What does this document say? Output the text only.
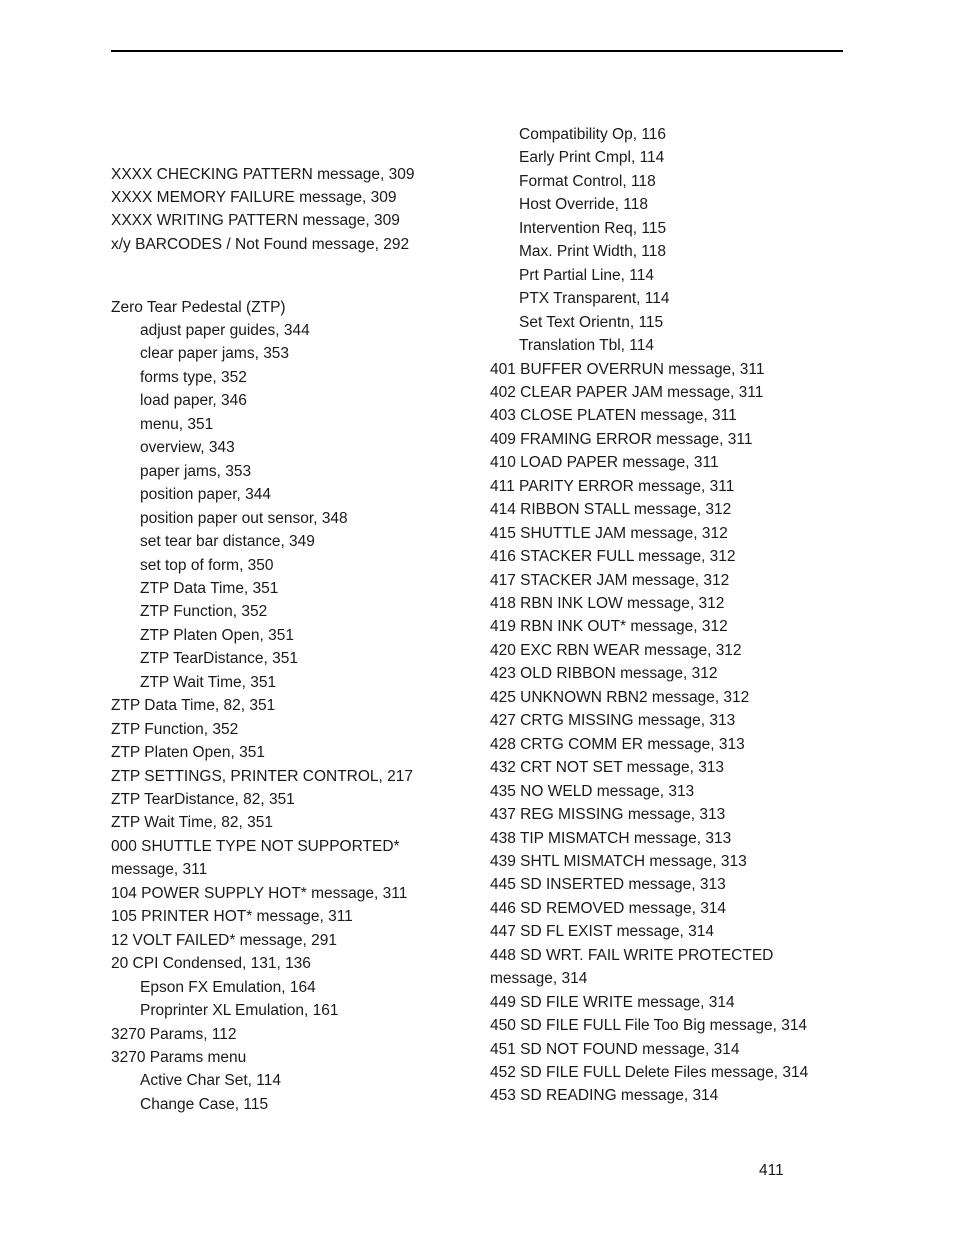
XXXX CHECKING PATTERN message, 309
XXXX MEMORY FAILURE message, 309
XXXX WRITING PATTERN message, 309
x/y BARCODES / Not Found message, 292
Zero Tear Pedestal (ZTP)
adjust paper guides, 344
clear paper jams, 353
forms type, 352
load paper, 346
menu, 351
overview, 343
paper jams, 353
position paper, 344
position paper out sensor, 348
set tear bar distance, 349
set top of form, 350
ZTP Data Time, 351
ZTP Function, 352
ZTP Platen Open, 351
ZTP TearDistance, 351
ZTP Wait Time, 351
ZTP Data Time, 82, 351
ZTP Function, 352
ZTP Platen Open, 351
ZTP SETTINGS, PRINTER CONTROL, 217
ZTP TearDistance, 82, 351
ZTP Wait Time, 82, 351
000 SHUTTLE TYPE NOT SUPPORTED*
message, 311
104 POWER SUPPLY HOT* message, 311
105 PRINTER HOT* message, 311
12 VOLT FAILED* message, 291
20 CPI Condensed, 131, 136
Epson FX Emulation, 164
Proprinter XL Emulation, 161
3270 Params, 112
3270 Params menu
Active Char Set, 114
Change Case, 115
Compatibility Op, 116
Early Print Cmpl, 114
Format Control, 118
Host Override, 118
Intervention Req, 115
Max. Print Width, 118
Prt Partial Line, 114
PTX Transparent, 114
Set Text Orientn, 115
Translation Tbl, 114
401 BUFFER OVERRUN message, 311
402 CLEAR PAPER JAM message, 311
403 CLOSE PLATEN message, 311
409 FRAMING ERROR message, 311
410 LOAD PAPER message, 311
411 PARITY ERROR message, 311
414 RIBBON STALL message, 312
415 SHUTTLE JAM message, 312
416 STACKER FULL message, 312
417 STACKER JAM message, 312
418 RBN INK LOW message, 312
419 RBN INK OUT* message, 312
420 EXC RBN WEAR message, 312
423 OLD RIBBON message, 312
425 UNKNOWN RBN2 message, 312
427 CRTG MISSING message, 313
428 CRTG COMM ER message, 313
432 CRT NOT SET message, 313
435 NO WELD message, 313
437 REG MISSING message, 313
438 TIP MISMATCH message, 313
439 SHTL MISMATCH message, 313
445 SD INSERTED message, 313
446 SD REMOVED message, 314
447 SD FL EXIST message, 314
448 SD WRT. FAIL WRITE PROTECTED
message, 314
449 SD FILE WRITE message, 314
450 SD FILE FULL File Too Big message, 314
451 SD NOT FOUND message, 314
452 SD FILE FULL Delete Files message, 314
453 SD READING message, 314
411
